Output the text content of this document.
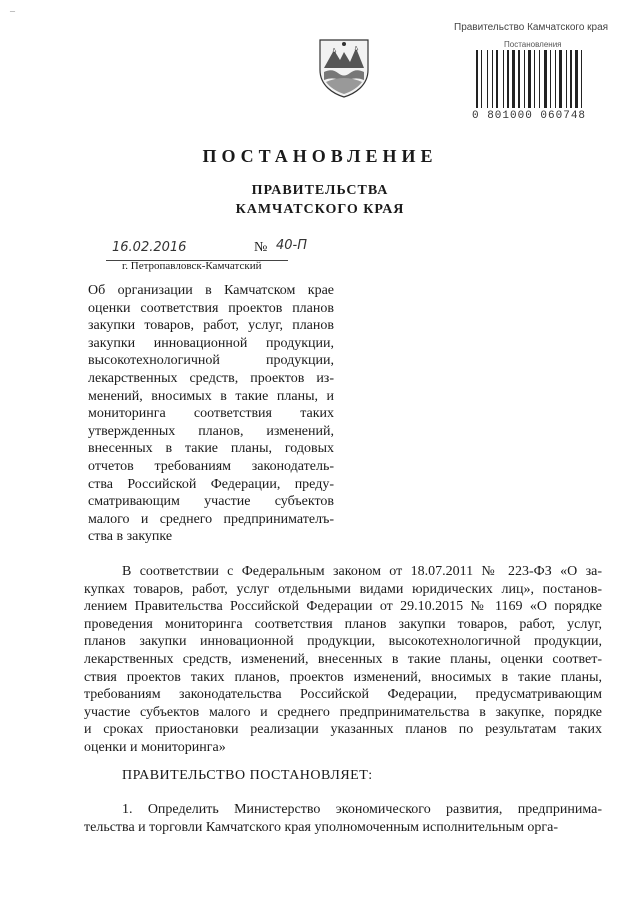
–
Правительство Камчатского края
Постановления
0 801000 060748
ПОСТАНОВЛЕНИЕ
ПРАВИТЕЛЬСТВА
КАМЧАТСКОГО КРАЯ
16.02.2016	№ 40-П
г. Петропавловск-Камчатский
Об организации в Камчатском крае
оценки соответствия проектов планов
закупки товаров, работ, услуг, планов
закупки инновационной продукции,
высокотехнологичной продукции,
лекарственных средств, проектов из-
менений, вносимых в такие планы, и
мониторинга соответствия таких
утвержденных планов, изменений,
внесенных в такие планы, годовых
отчетов требованиям законодатель-
ства Российской Федерации, преду-
сматривающим участие субъектов
малого и среднего предпринимателъ-
ства в закупке
В соответствии с Федеральным законом от 18.07.2011 № 223-ФЗ «О за-
купках товаров, работ, услуг отдельными видами юридических лиц», постанов-
лением Правительства Российской Федерации от 29.10.2015 № 1169 «О порядке
проведения мониторинга соответствия планов закупки товаров, работ, услуг,
планов закупки инновационной продукции, высокотехнологичной продукции,
лекарственных средств, изменений, внесенных в такие планы, оценки соответ-
ствия проектов таких планов, проектов изменений, вносимых в такие планы,
требованиям законодательства Российской Федерации, предусматривающим
участие субъектов малого и среднего предпринимательства в закупке, порядке
и сроках приостановки реализации указанных планов по результатам таких
оценки и мониторинга»
ПРАВИТЕЛЬСТВО ПОСТАНОВЛЯЕТ:
1. Определить Министерство экономического развития, предпринима-
тельства и торговли Камчатского края уполномоченным исполнительным орга-
